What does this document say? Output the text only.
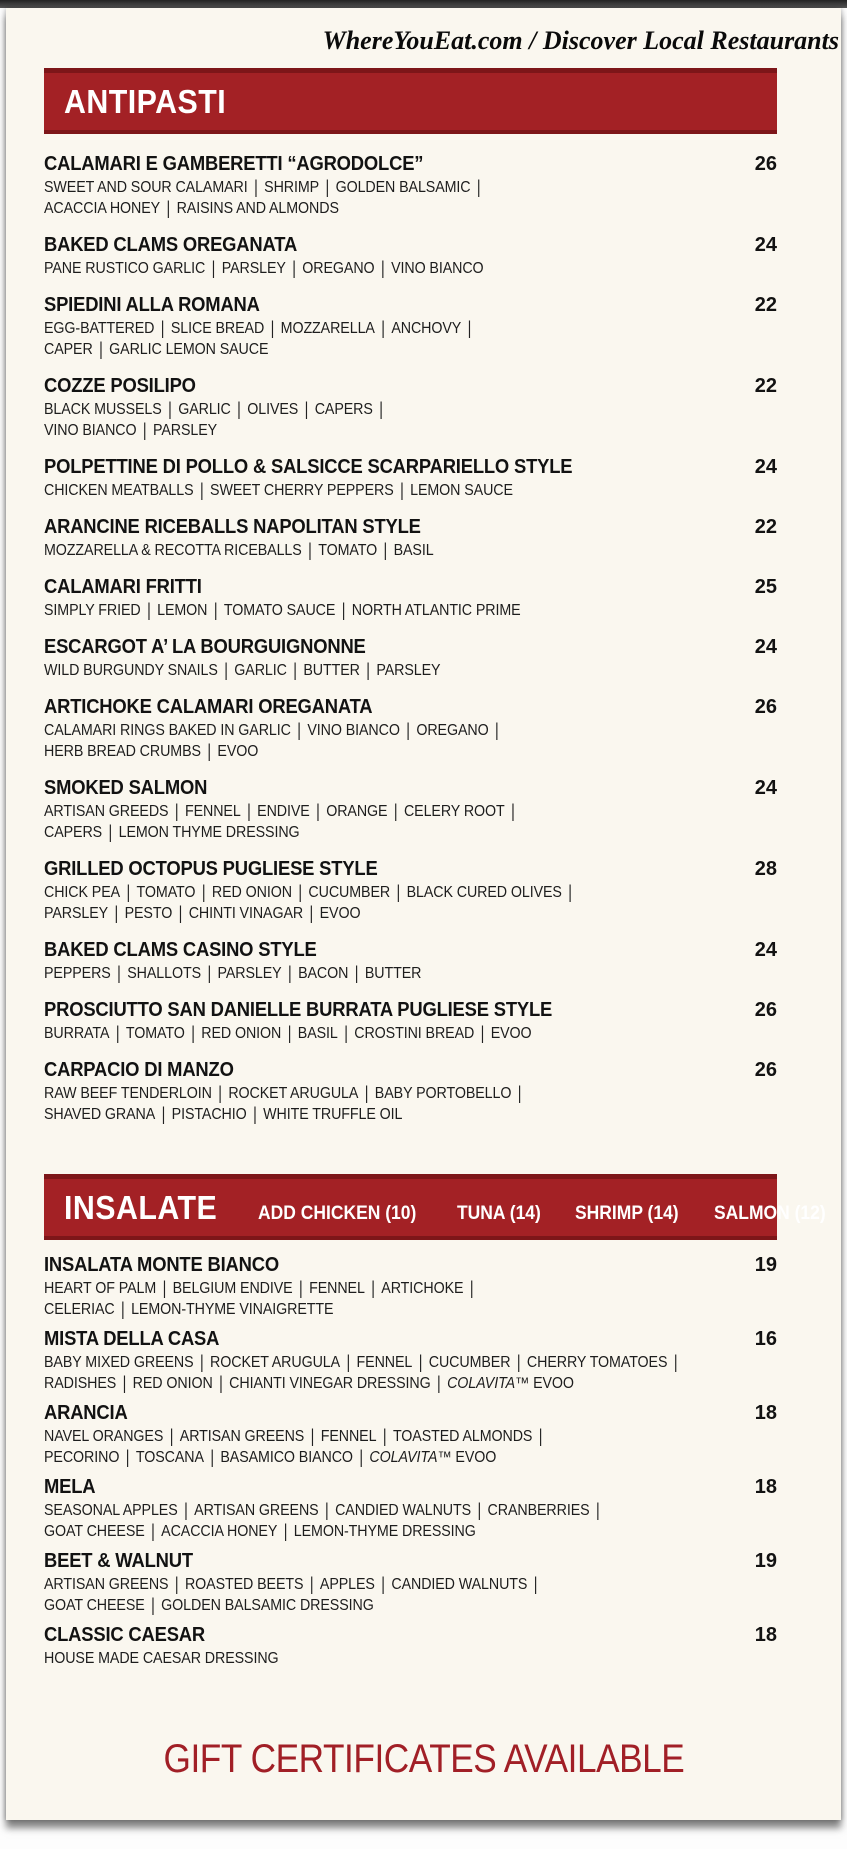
WhereYouEat.com / Discover Local Restaurants
ANTIPASTI
CALAMARI E GAMBERETTI “AGRODOLCE”	26
SWEET AND SOUR CALAMARI | SHRIMP | GOLDEN BALSAMIC |
ACACCIA HONEY | RAISINS AND ALMONDS
BAKED CLAMS OREGANATA	24
PANE RUSTICO GARLIC | PARSLEY | OREGANO | VINO BIANCO
SPIEDINI ALLA ROMANA	22
EGG-BATTERED | SLICE BREAD | MOZZARELLA | ANCHOVY |
CAPER | GARLIC LEMON SAUCE
COZZE POSILIPO	22
BLACK MUSSELS | GARLIC | OLIVES | CAPERS |
VINO BIANCO | PARSLEY
POLPETTINE DI POLLO & SALSICCE SCARPARIELLO STYLE	24
CHICKEN MEATBALLS | SWEET CHERRY PEPPERS | LEMON SAUCE
ARANCINE RICEBALLS NAPOLITAN STYLE	22
MOZZARELLA & RECOTTA RICEBALLS | TOMATO | BASIL
CALAMARI FRITTI	25
SIMPLY FRIED | LEMON | TOMATO SAUCE | NORTH ATLANTIC PRIME
ESCARGOT A’ LA BOURGUIGNONNE	24
WILD BURGUNDY SNAILS | GARLIC | BUTTER | PARSLEY
ARTICHOKE CALAMARI OREGANATA	26
CALAMARI RINGS BAKED IN GARLIC | VINO BIANCO | OREGANO |
HERB BREAD CRUMBS | EVOO
SMOKED SALMON	24
ARTISAN GREEDS | FENNEL | ENDIVE | ORANGE | CELERY ROOT |
CAPERS | LEMON THYME DRESSING
GRILLED OCTOPUS PUGLIESE STYLE	28
CHICK PEA | TOMATO | RED ONION | CUCUMBER | BLACK CURED OLIVES |
PARSLEY | PESTO | CHINTI VINAGAR | EVOO
BAKED CLAMS CASINO STYLE	24
PEPPERS | SHALLOTS | PARSLEY | BACON | BUTTER
PROSCIUTTO SAN DANIELLE BURRATA PUGLIESE STYLE	26
BURRATA | TOMATO | RED ONION | BASIL | CROSTINI BREAD | EVOO
CARPACIO DI MANZO	26
RAW BEEF TENDERLOIN | ROCKET ARUGULA | BABY PORTOBELLO |
SHAVED GRANA | PISTACHIO | WHITE TRUFFLE OIL
INSALATE ADD CHICKEN (10) TUNA (14) SHRIMP (14) SALMON (12)
INSALATA MONTE BIANCO	19
HEART OF PALM | BELGIUM ENDIVE | FENNEL | ARTICHOKE |
CELERIAC | LEMON-THYME VINAIGRETTE
MISTA DELLA CASA	16
BABY MIXED GREENS | ROCKET ARUGULA | FENNEL | CUCUMBER | CHERRY TOMATOES |
RADISHES | RED ONION | CHIANTI VINEGAR DRESSING | COLAVITA™ EVOO
ARANCIA	18
NAVEL ORANGES | ARTISAN GREENS | FENNEL | TOASTED ALMONDS |
PECORINO | TOSCANA | BASAMICO BIANCO | COLAVITA™ EVOO
MELA	18
SEASONAL APPLES | ARTISAN GREENS | CANDIED WALNUTS | CRANBERRIES |
GOAT CHEESE | ACACCIA HONEY | LEMON-THYME DRESSING
BEET & WALNUT	19
ARTISAN GREENS | ROASTED BEETS | APPLES | CANDIED WALNUTS |
GOAT CHEESE | GOLDEN BALSAMIC DRESSING
CLASSIC CAESAR	18
HOUSE MADE CAESAR DRESSING
GIFT CERTIFICATES AVAILABLE
